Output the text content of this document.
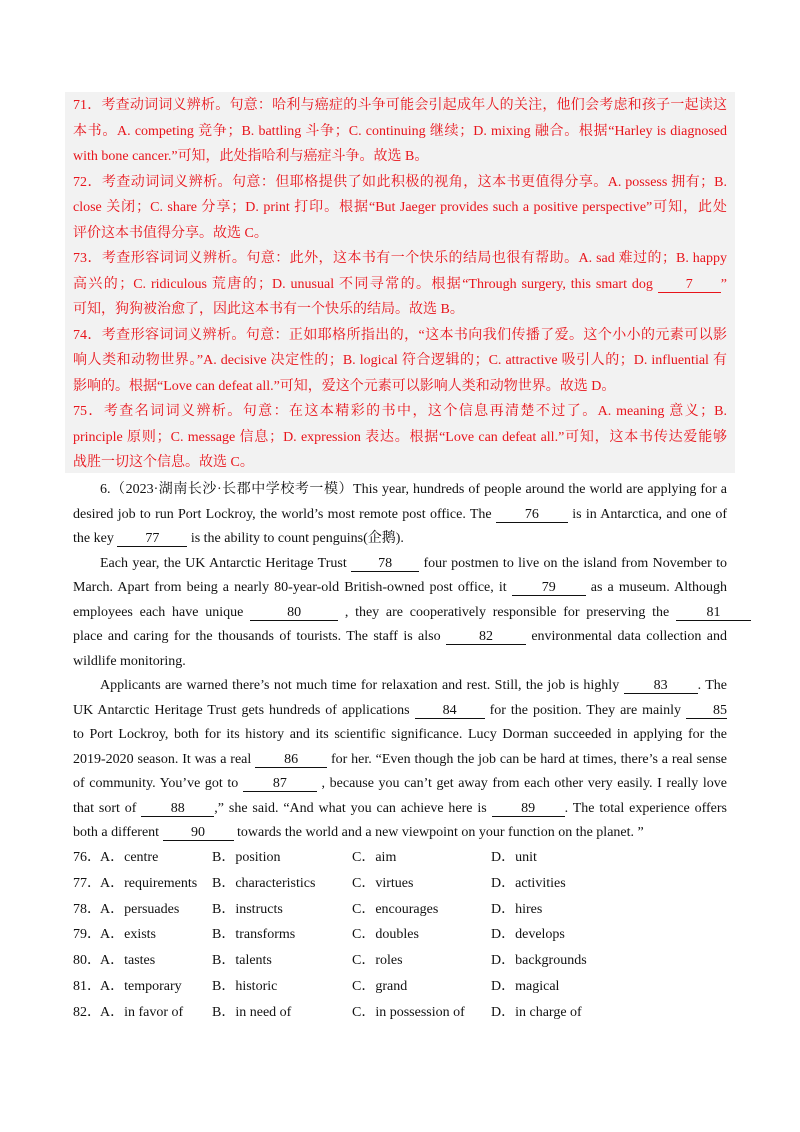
71．考查动词词义辨析。句意：哈利与癌症的斗争可能会引起成年人的关注，他们会考虑和孩子一起读这
本书。A. competing 竞争；B. battling 斗争；C. continuing 继续；D. mixing 融合。根据“Harley is diagnosed
with bone cancer.”可知，此处指哈利与癌症斗争。故选 B。
72．考查动词词义辨析。句意：但耶格提供了如此积极的视角，这本书更值得分享。A. possess 拥有；B.
close 关闭；C. share 分享；D. print 打印。根据“But Jaeger provides such a positive perspective”可知，此处
评价这本书值得分享。故选 C。
73．考查形容词词义辨析。句意：此外，这本书有一个快乐的结局也很有帮助。A. sad 难过的；B. happy
高兴的；C. ridiculous 荒唐的；D. unusual 不同寻常的。根据“Through surgery, this smart dog 7 ”
可知，狗狗被治愈了，因此这本书有一个快乐的结局。故选 B。
74．考查形容词词义辨析。句意：正如耶格所指出的，“这本书向我们传播了爱。这个小小的元素可以影
响人类和动物世界。”A. decisive 决定性的；B. logical 符合逻辑的；C. attractive 吸引人的；D. influential 有
影响的。根据“Love can defeat all.”可知，爱这个元素可以影响人类和动物世界。故选 D。
75．考查名词词义辨析。句意：在这本精彩的书中，这个信息再清楚不过了。A. meaning 意义；B.
principle 原则；C. message 信息；D. expression 表达。根据“Love can defeat all.”可知，这本书传达爱能够
战胜一切这个信息。故选 C。
6.（2023·湖南长沙·长郡中学校考一模）This year, hundreds of people around the world are applying for a
desired job to run Port Lockroy, the world’s most remote post office. The 76 is in Antarctica, and one of
the key 77 is the ability to count penguins(企鹅).
Each year, the UK Antarctic Heritage Trust 78 four postmen to live on the island from November to
March. Apart from being a nearly 80-year-old British-owned post office, it 79 as a museum. Although
employees each have unique	80	, they are cooperatively responsible for preserving the 81
place and caring for the thousands of tourists. The staff is also 82 environmental data collection and
wildlife monitoring.
Applicants are warned there’s not much time for relaxation and rest. Still, the job is highly 83 . The
UK Antarctic Heritage Trust gets hundreds of applications 84 for the position. They are mainly 85
to Port Lockroy, both for its history and its scientific significance. Lucy Dorman succeeded in applying for the
2019-2020 season. It was a real 86 for her. “Even though the job can be hard at times, there’s a real sense
of community. You’ve got to 87 , because you can’t get away from each other very easily. I really love
that sort of 88 ,” she said. “And what you can achieve here is 89 . The total experience offers
both a different 90 towards the world and a new viewpoint on your function on the planet. ”
76． A．centre	B．position	C．aim	D．unit
77． A．requirements B．characteristics	C．virtues	D．activities
78． A．persuades B．instructs	C．encourages	D．hires
79． A．exists	B．transforms	C．doubles	D．develops
80． A．tastes	B．talents	C．roles	D．backgrounds
81． A．temporary B．historic	C．grand	D．magical
82． A．in favor of B．in need of	C．in possession of D．in charge of
